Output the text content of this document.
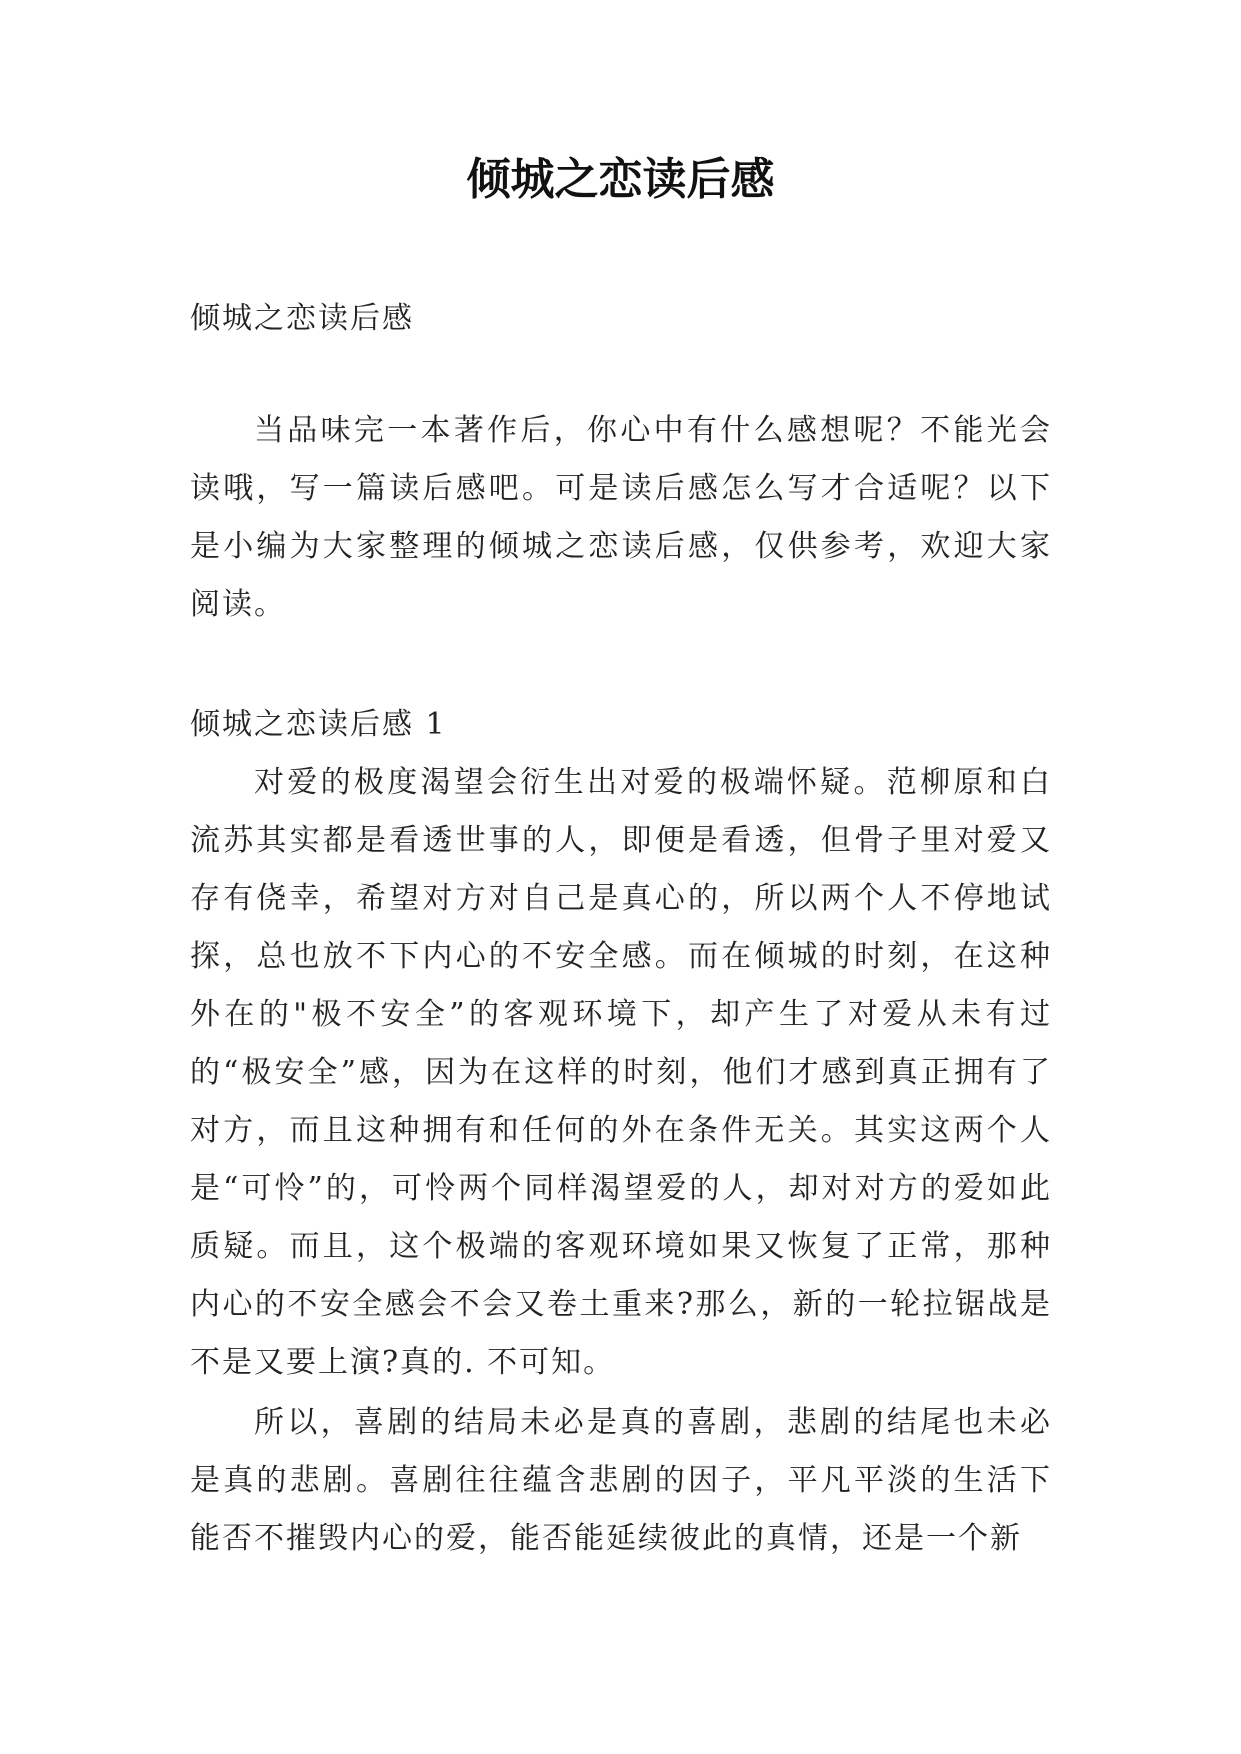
倾城之恋读后感
倾城之恋读后感

当品味完一本著作后，你心中有什么感想呢？不能光会读哦，写一篇读后感吧。可是读后感怎么写才合适呢？以下是小编为大家整理的倾城之恋读后感，仅供参考，欢迎大家阅读。

倾城之恋读后感 1

对爱的极度渴望会衍生出对爱的极端怀疑。范柳原和白流苏其实都是看透世事的人，即便是看透，但骨子里对爱又存有侥幸，希望对方对自己是真心的，所以两个人不停地试探，总也放不下内心的不安全感。而在倾城的时刻，在这种外在的"极不安全”的客观环境下，却产生了对爱从未有过的“极安全”感，因为在这样的时刻，他们才感到真正拥有了对方，而且这种拥有和任何的外在条件无关。其实这两个人是“可怜”的，可怜两个同样渴望爱的人，却对对方的爱如此质疑。而且，这个极端的客观环境如果又恢复了正常，那种内心的不安全感会不会又卷土重来?那么，新的一轮拉锯战是不是又要上演?真的. 不可知。

所以，喜剧的结局未必是真的喜剧，悲剧的结尾也未必是真的悲剧。喜剧往往蕴含悲剧的因子，平凡平淡的生活下能否不摧毁内心的爱，能否能延续彼此的真情，还是一个新
